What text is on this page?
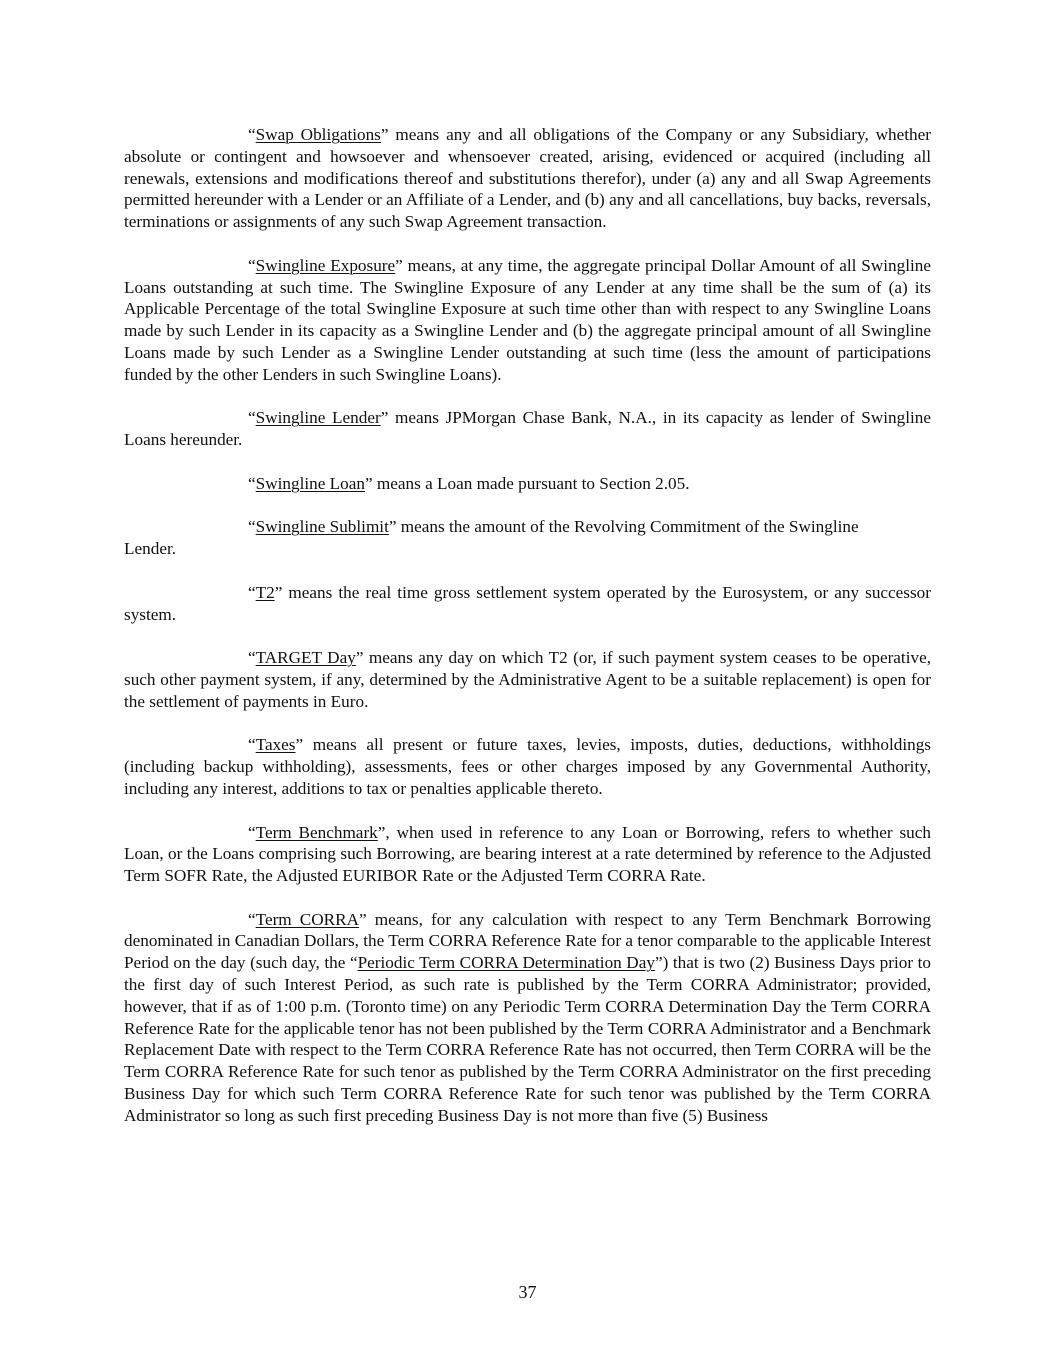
“Swap Obligations” means any and all obligations of the Company or any Subsidiary, whether absolute or contingent and howsoever and whensoever created, arising, evidenced or acquired (including all renewals, extensions and modifications thereof and substitutions therefor), under (a) any and all Swap Agreements permitted hereunder with a Lender or an Affiliate of a Lender, and (b) any and all cancellations, buy backs, reversals, terminations or assignments of any such Swap Agreement transaction.

“Swingline Exposure” means, at any time, the aggregate principal Dollar Amount of all Swingline Loans outstanding at such time. The Swingline Exposure of any Lender at any time shall be the sum of (a) its Applicable Percentage of the total Swingline Exposure at such time other than with respect to any Swingline Loans made by such Lender in its capacity as a Swingline Lender and (b) the aggregate principal amount of all Swingline Loans made by such Lender as a Swingline Lender outstanding at such time (less the amount of participations funded by the other Lenders in such Swingline Loans).

“Swingline Lender” means JPMorgan Chase Bank, N.A., in its capacity as lender of Swingline Loans hereunder.

“Swingline Loan” means a Loan made pursuant to Section 2.05.

“Swingline Sublimit” means the amount of the Revolving Commitment of the Swingline

Lender.

“T2” means the real time gross settlement system operated by the Eurosystem, or any successor system.

“TARGET Day” means any day on which T2 (or, if such payment system ceases to be operative, such other payment system, if any, determined by the Administrative Agent to be a suitable replacement) is open for the settlement of payments in Euro.

“Taxes” means all present or future taxes, levies, imposts, duties, deductions, withholdings (including backup withholding), assessments, fees or other charges imposed by any Governmental Authority, including any interest, additions to tax or penalties applicable thereto.

“Term Benchmark”, when used in reference to any Loan or Borrowing, refers to whether such Loan, or the Loans comprising such Borrowing, are bearing interest at a rate determined by reference to the Adjusted Term SOFR Rate, the Adjusted EURIBOR Rate or the Adjusted Term CORRA Rate.

“Term CORRA” means, for any calculation with respect to any Term Benchmark Borrowing denominated in Canadian Dollars, the Term CORRA Reference Rate for a tenor comparable to the applicable Interest Period on the day (such day, the “Periodic Term CORRA Determination Day”) that is two (2) Business Days prior to the first day of such Interest Period, as such rate is published by the Term CORRA Administrator; provided, however, that if as of 1:00 p.m. (Toronto time) on any Periodic Term CORRA Determination Day the Term CORRA Reference Rate for the applicable tenor has not been published by the Term CORRA Administrator and a Benchmark Replacement Date with respect to the Term CORRA Reference Rate has not occurred, then Term CORRA will be the Term CORRA Reference Rate for such tenor as published by the Term CORRA Administrator on the first preceding Business Day for which such Term CORRA Reference Rate for such tenor was published by the Term CORRA Administrator so long as such first preceding Business Day is not more than five (5) Business

37
